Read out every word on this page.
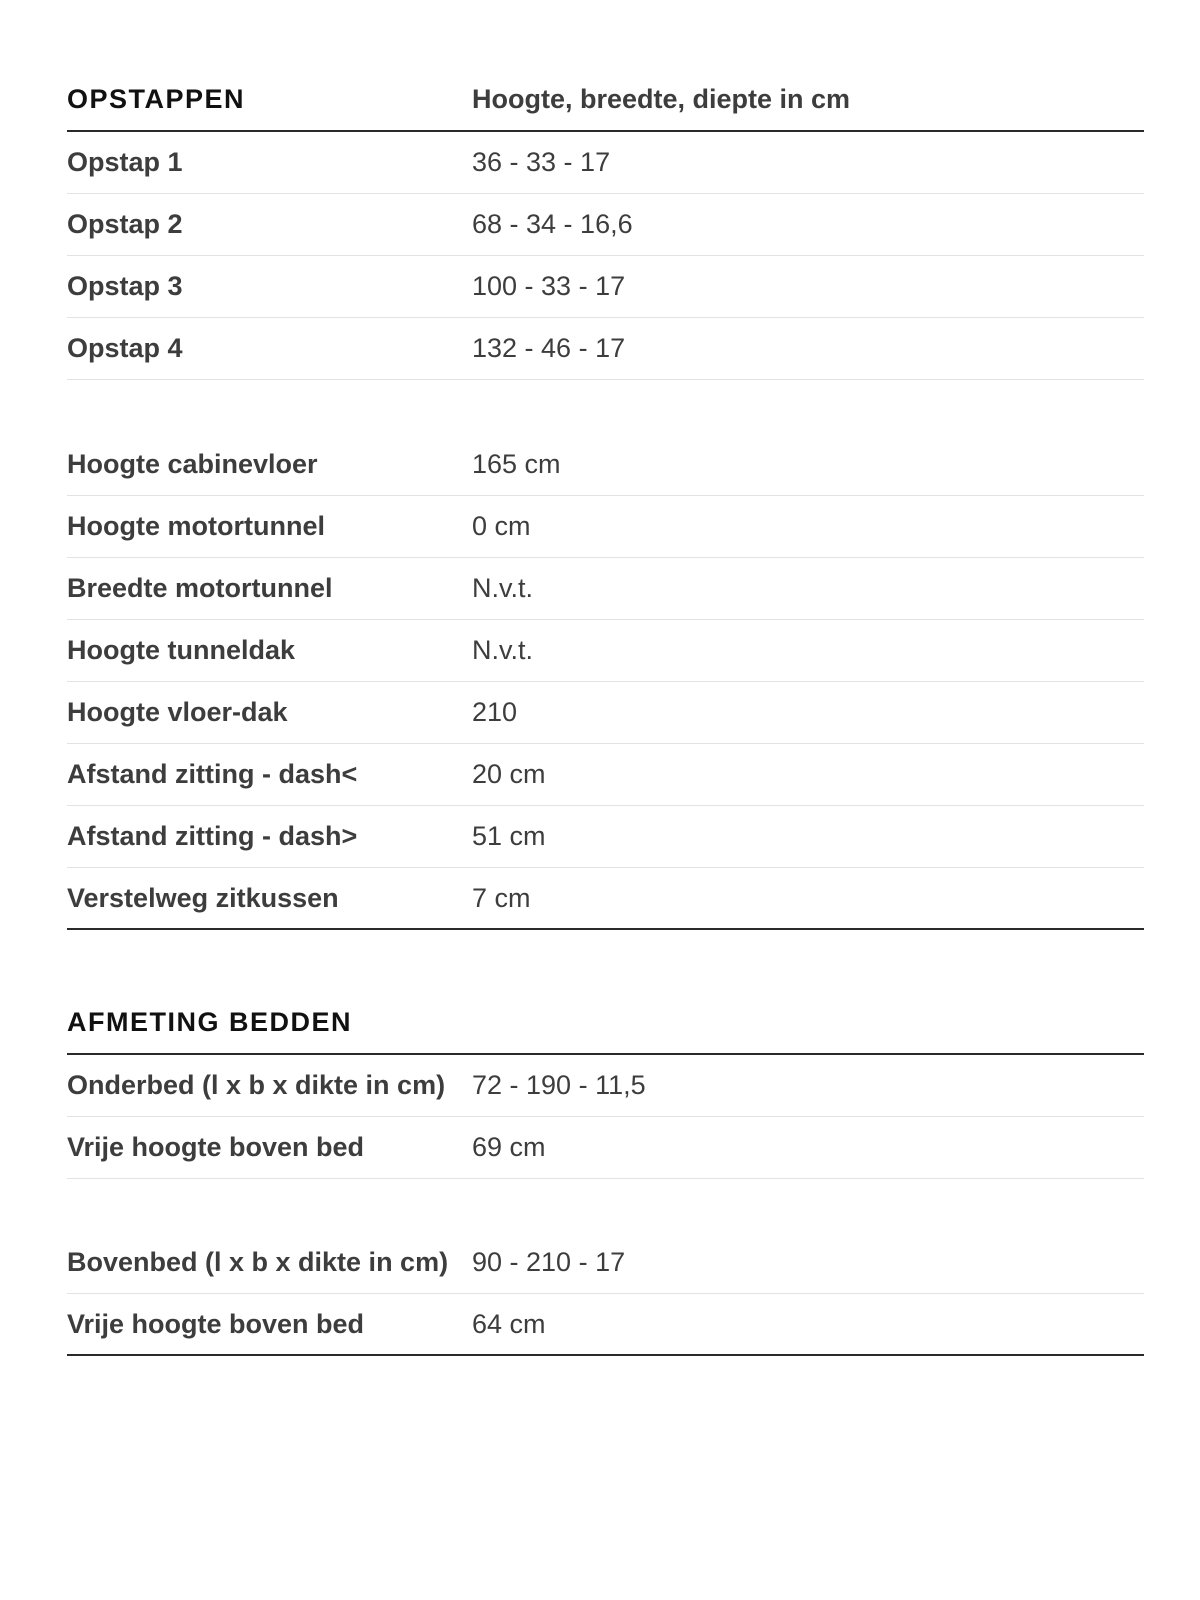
OPSTAPPEN	Hoogte, breedte, diepte in cm
Opstap 1	36 - 33 - 17
Opstap 2	68 - 34 - 16,6
Opstap 3	100 - 33 - 17
Opstap 4	132 - 46 - 17
Hoogte cabinevloer	165 cm
Hoogte motortunnel	0 cm
Breedte motortunnel	N.v.t.
Hoogte tunneldak	N.v.t.
Hoogte vloer-dak	210
Afstand zitting - dash<	20 cm
Afstand zitting - dash>	51 cm
Verstelweg zitkussen	7 cm
AFMETING BEDDEN
Onderbed (l x b x dikte in cm) 72 - 190 - 11,5
Vrije hoogte boven bed	69 cm
Bovenbed (l x b x dikte in cm) 90 - 210 - 17
Vrije hoogte boven bed	64 cm
